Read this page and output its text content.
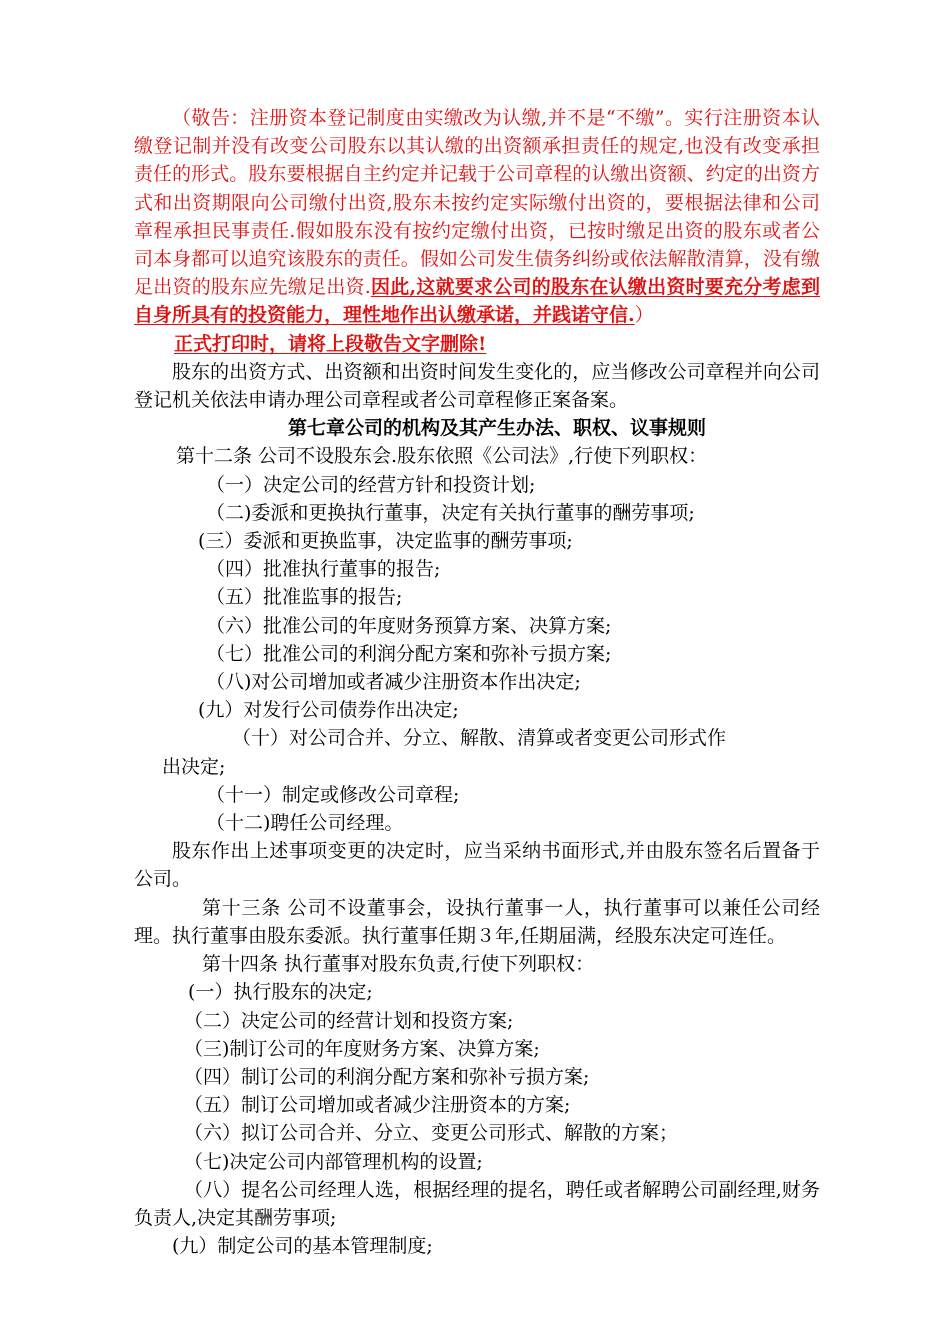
（敬告：注册资本登记制度由实缴改为认缴,并不是“不缴”。实行注册资本认缴登记制并没有改变公司股东以其认缴的出资额承担责任的规定,也没有改变承担责任的形式。股东要根据自主约定并记载于公司章程的认缴出资额、约定的出资方式和出资期限向公司缴付出资,股东未按约定实际缴付出资的，要根据法律和公司章程承担民事责任.假如股东没有按约定缴付出资，已按时缴足出资的股东或者公司本身都可以追究该股东的责任。假如公司发生债务纠纷或依法解散清算，没有缴足出资的股东应先缴足出资.因此,这就要求公司的股东在认缴出资时要充分考虑到自身所具有的投资能力，理性地作出认缴承诺，并践诺守信.）

正式打印时，请将上段敬告文字删除!

股东的出资方式、出资额和出资时间发生变化的，应当修改公司章程并向公司登记机关依法申请办理公司章程或者公司章程修正案备案。

第七章公司的机构及其产生办法、职权、议事规则

第十二条 公司不设股东会.股东依照《公司法》,行使下列职权：

（一）决定公司的经营方针和投资计划;

（二)委派和更换执行董事，决定有关执行董事的酬劳事项;

(三）委派和更换监事，决定监事的酬劳事项;

（四）批准执行董事的报告;

（五）批准监事的报告;

（六）批准公司的年度财务预算方案、决算方案;

（七）批准公司的利润分配方案和弥补亏损方案;

（八)对公司增加或者减少注册资本作出决定;

(九）对发行公司债券作出决定;

（十）对公司合并、分立、解散、清算或者变更公司形式作

出决定;

（十一）制定或修改公司章程;

（十二)聘任公司经理。

股东作出上述事项变更的决定时，应当采纳书面形式,并由股东签名后置备于公司。

第十三条 公司不设董事会，设执行董事一人，执行董事可以兼任公司经理。执行董事由股东委派。执行董事任期３年,任期届满，经股东决定可连任。

第十四条 执行董事对股东负责,行使下列职权：

(一）执行股东的决定;

（二）决定公司的经营计划和投资方案;

（三)制订公司的年度财务方案、决算方案;

（四）制订公司的利润分配方案和弥补亏损方案;

（五）制订公司增加或者减少注册资本的方案;

（六）拟订公司合并、分立、变更公司形式、解散的方案；

（七)决定公司内部管理机构的设置;

（八）提名公司经理人选，根据经理的提名，聘任或者解聘公司副经理,财务负责人,决定其酬劳事项;

(九）制定公司的基本管理制度;
